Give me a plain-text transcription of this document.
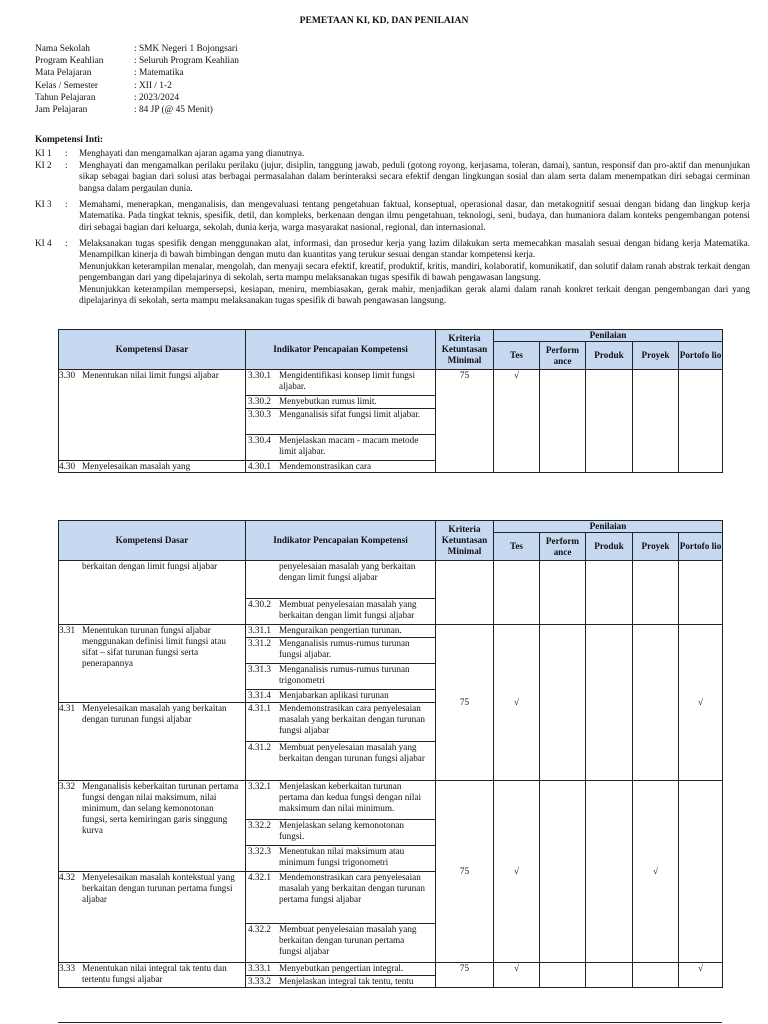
PEMETAAN KI, KD, DAN PENILAIAN
Nama Sekolah	: SMK Negeri 1 Bojongsari
Program Keahlian	: Seluruh Program Keahlian
Mata Pelajaran	: Matematika
Kelas / Semester	: XII / 1-2
Tahun Pelajaran	: 2023/2024
Jam Pelajaran	: 84 JP (@ 45 Menit)
Kompetensi Inti:
KI 1	: Menghayati dan mengamalkan ajaran agama yang dianutnya.

KI 2	: Menghayati dan mengamalkan perilaku perilaku (jujur, disiplin, tanggung jawab, peduli (gotong royong, kerjasama, toleran, damai), santun, responsif dan pro-aktif dan menunjukan sikap sebagai bagian dari solusi atas berbagai permasalahan dalam berinteraksi secara efektif dengan lingkungan sosial dan alam serta dalam menempatkan diri sebagai cerminan bangsa dalam pergaulan dunia.

KI 3	: Memahami, menerapkan, menganalisis, dan mengevaluasi tentang pengetahuan faktual, konseptual, operasional dasar, dan metakognitif sesuai dengan bidang dan lingkup kerja Matematika. Pada tingkat teknis, spesifik, detil, dan kompleks, berkenaan dengan ilmu pengetahuan, teknologi, seni, budaya, dan humaniora dalam konteks pengembangan potensi diri sebagai bagian dari keluarga, sekolah, dunia kerja, warga masyarakat nasional, regional, dan internasional.

KI 4	: Melaksanakan tugas spesifik dengan menggunakan alat, informasi, dan prosedur kerja yang lazim dilakukan serta memecahkan masalah sesuai dengan bidang kerja Matematika. Menampilkan kinerja di bawah bimbingan dengan mutu dan kuantitas yang terukur sesuai dengan standar kompetensi kerja.

Menunjukkan keterampilan menalar, mengolah, dan menyaji secara efektif, kreatif, produktif, kritis, mandiri, kolaboratif, komunikatif, dan solutif dalam ranah abstrak terkait dengan pengembangan dari yang dipelajarinya di sekolah, serta mampu melaksanakan tugas spesifik di bawah pengawasan langsung.

Menunjukkan keterampilan mempersepsi, kesiapan, meniru, membiasakan, gerak mahir, menjadikan gerak alami dalam ranah konkret terkait dengan pengembangan dari yang dipelajarinya di sekolah, serta mampu melaksanakan tugas spesifik di bawah pengawasan langsung.

Kompetensi Dasar	Indikator Pencapaian Kompetensi	Kriteria Ketuntasan Minimal	Penilaian				
			Tes	Perform ance	Produk	Proyek	Portofo lio
3.30 Menentukan nilai limit fungsi aljabar	3.30.1 Mengidentifikasi konsep limit fungsi aljabar.	75	√				
	3.30.2 Menyebutkan rumus limit.						
	3.30.3 Menganalisis sifat fungsi limit aljabar.						
	3.30.4 Menjelaskan macam - macam metode limit aljabar.						
4.30 Menyelesaikan masalah yang	4.30.1 Mendemonstrasikan cara						
Kompetensi Dasar	Indikator Pencapaian Kompetensi	Kriteria Ketuntasan Minimal	Penilaian				
			Tes	Perform ance	Produk	Proyek	Portofo lio
berkaitan dengan limit fungsi aljabar	penyelesaian masalah yang berkaitan dengan limit fungsi aljabar						
	4.30.2 Membuat penyelesaian masalah yang berkaitan dengan limit fungsi aljabar						
3.31 Menentukan turunan fungsi aljabar menggunakan definisi limit fungsi atau sifat – sifat turunan fungsi serta penerapannya	3.31.1 Menguraikan pengertian turunan.	75	√				√
	3.31.2 Menganalisis rumus-rumus turunan fungsi aljabar.						
	3.31.3 Menganalisis rumus-rumus turunan trigonometri						
	3.31.4 Menjabarkan aplikasi turunan						
4.31 Menyelesaikan masalah yang berkaitan dengan turunan fungsi aljabar	4.31.1 Mendemonstrasikan cara penyelesaian masalah yang berkaitan dengan turunan fungsi aljabar						
	4.31.2 Membuat penyelesaian masalah yang berkaitan dengan turunan fungsi aljabar						
3.32 Menganalisis keberkaitan turunan pertama fungsi dengan nilai maksimum, nilai minimum, dan selang kemonotonan fungsi, serta kemiringan garis singgung kurva	3.32.1 Menjelaskan keberkaitan turunan pertama dan kedua fungsi dengan nilai maksimum dan nilai minimum.	75	√			√	
	3.32.2 Menjelaskan selang kemonotonan fungsi.						
	3.32.3 Menentukan nilai maksimum atau minimum fungsi trigonometri						
4.32 Menyelesaikan masalah kontekstual yang berkaitan dengan turunan pertama fungsi aljabar	4.32.1 Mendemonstrasikan cara penyelesaian masalah yang berkaitan dengan turunan pertama fungsi aljabar						
	4.32.2 Membuat penyelesaian masalah yang berkaitan dengan turunan pertama fungsi aljabar						
3.33 Menentukan nilai integral tak tentu dan tertentu fungsi aljabar	3.33.1 Menyebutkan pengertian integral.	75	√				√
	3.33.2 Menjelaskan integral tak tentu, tentu						
